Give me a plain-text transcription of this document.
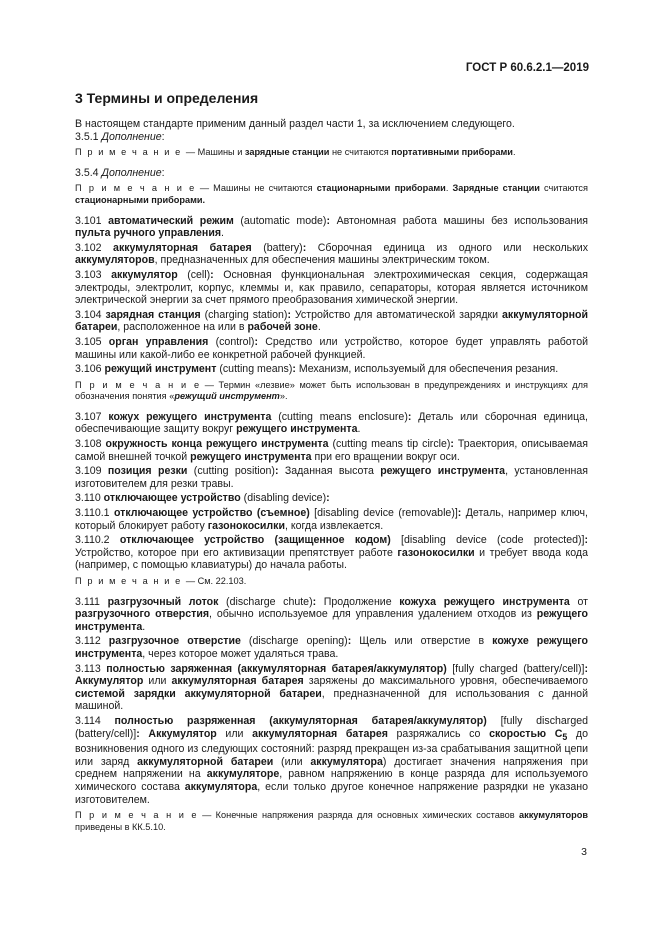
ГОСТ Р 60.6.2.1—2019
3 Термины и определения

В настоящем стандарте применим данный раздел части 1, за исключением следующего.

3.5.1 Дополнение:

П р и м е ч а н и е — Машины и зарядные станции не считаются портативными приборами.

3.5.4 Дополнение:

П р и м е ч а н и е — Машины не считаются стационарными приборами. Зарядные станции считаются стационарными приборами.

3.101 автоматический режим (automatic mode): Автономная работа машины без использования пульта ручного управления.

3.102 аккумуляторная батарея (battery): Сборочная единица из одного или нескольких аккумуляторов, предназначенных для обеспечения машины электрическим током.

3.103 аккумулятор (cell): Основная функциональная электрохимическая секция, содержащая электроды, электролит, корпус, клеммы и, как правило, сепараторы, которая является источником электрической энергии за счет прямого преобразования химической энергии.

3.104 зарядная станция (charging station): Устройство для автоматической зарядки аккумуляторной батареи, расположенное на или в рабочей зоне.

3.105 орган управления (control): Средство или устройство, которое будет управлять работой машины или какой-либо ее конкретной рабочей функцией.

3.106 режущий инструмент (cutting means): Механизм, используемый для обеспечения резания.

П р и м е ч а н и е — Термин «лезвие» может быть использован в предупреждениях и инструкциях для обозначения понятия «режущий инструмент».

3.107 кожух режущего инструмента (cutting means enclosure): Деталь или сборочная единица, обеспечивающие защиту вокруг режущего инструмента.

3.108 окружность конца режущего инструмента (cutting means tip circle): Траектория, описываемая самой внешней точкой режущего инструмента при его вращении вокруг оси.

3.109 позиция резки (cutting position): Заданная высота режущего инструмента, установленная изготовителем для резки травы.

3.110 отключающее устройство (disabling device):

3.110.1 отключающее устройство (съемное) [disabling device (removable)]: Деталь, например ключ, который блокирует работу газонокосилки, когда извлекается.

3.110.2 отключающее устройство (защищенное кодом) [disabling device (code protected)]: Устройство, которое при его активизации препятствует работе газонокосилки и требует ввода кода (например, с помощью клавиатуры) до начала работы.

П р и м е ч а н и е — См. 22.103.

3.111 разгрузочный лоток (discharge chute): Продолжение кожуха режущего инструмента от разгрузочного отверстия, обычно используемое для управления удалением отходов из режущего инструмента.

3.112 разгрузочное отверстие (discharge opening): Щель или отверстие в кожухе режущего инструмента, через которое может удаляться трава.

3.113 полностью заряженная (аккумуляторная батарея/аккумулятор) [fully charged (battery/cell)]: Аккумулятор или аккумуляторная батарея заряжены до максимального уровня, обеспечиваемого системой зарядки аккумуляторной батареи, предназначенной для использования с данной машиной.

3.114 полностью разряженная (аккумуляторная батарея/аккумулятор) [fully discharged (battery/cell)]: Аккумулятор или аккумуляторная батарея разряжались со скоростью $C_5$ до возникновения одного из следующих состояний: разряд прекращен из-за срабатывания защитной цепи или заряд аккумуляторной батареи (или аккумулятора) достигает значения напряжения при среднем напряжении на аккумуляторе, равном напряжению в конце разряда для используемого химического состава аккумулятора, если только другое конечное напряжение разрядки не указано изготовителем.

П р и м е ч а н и е — Конечные напряжения разряда для основных химических составов аккумуляторов приведены в КК.5.10.
3
